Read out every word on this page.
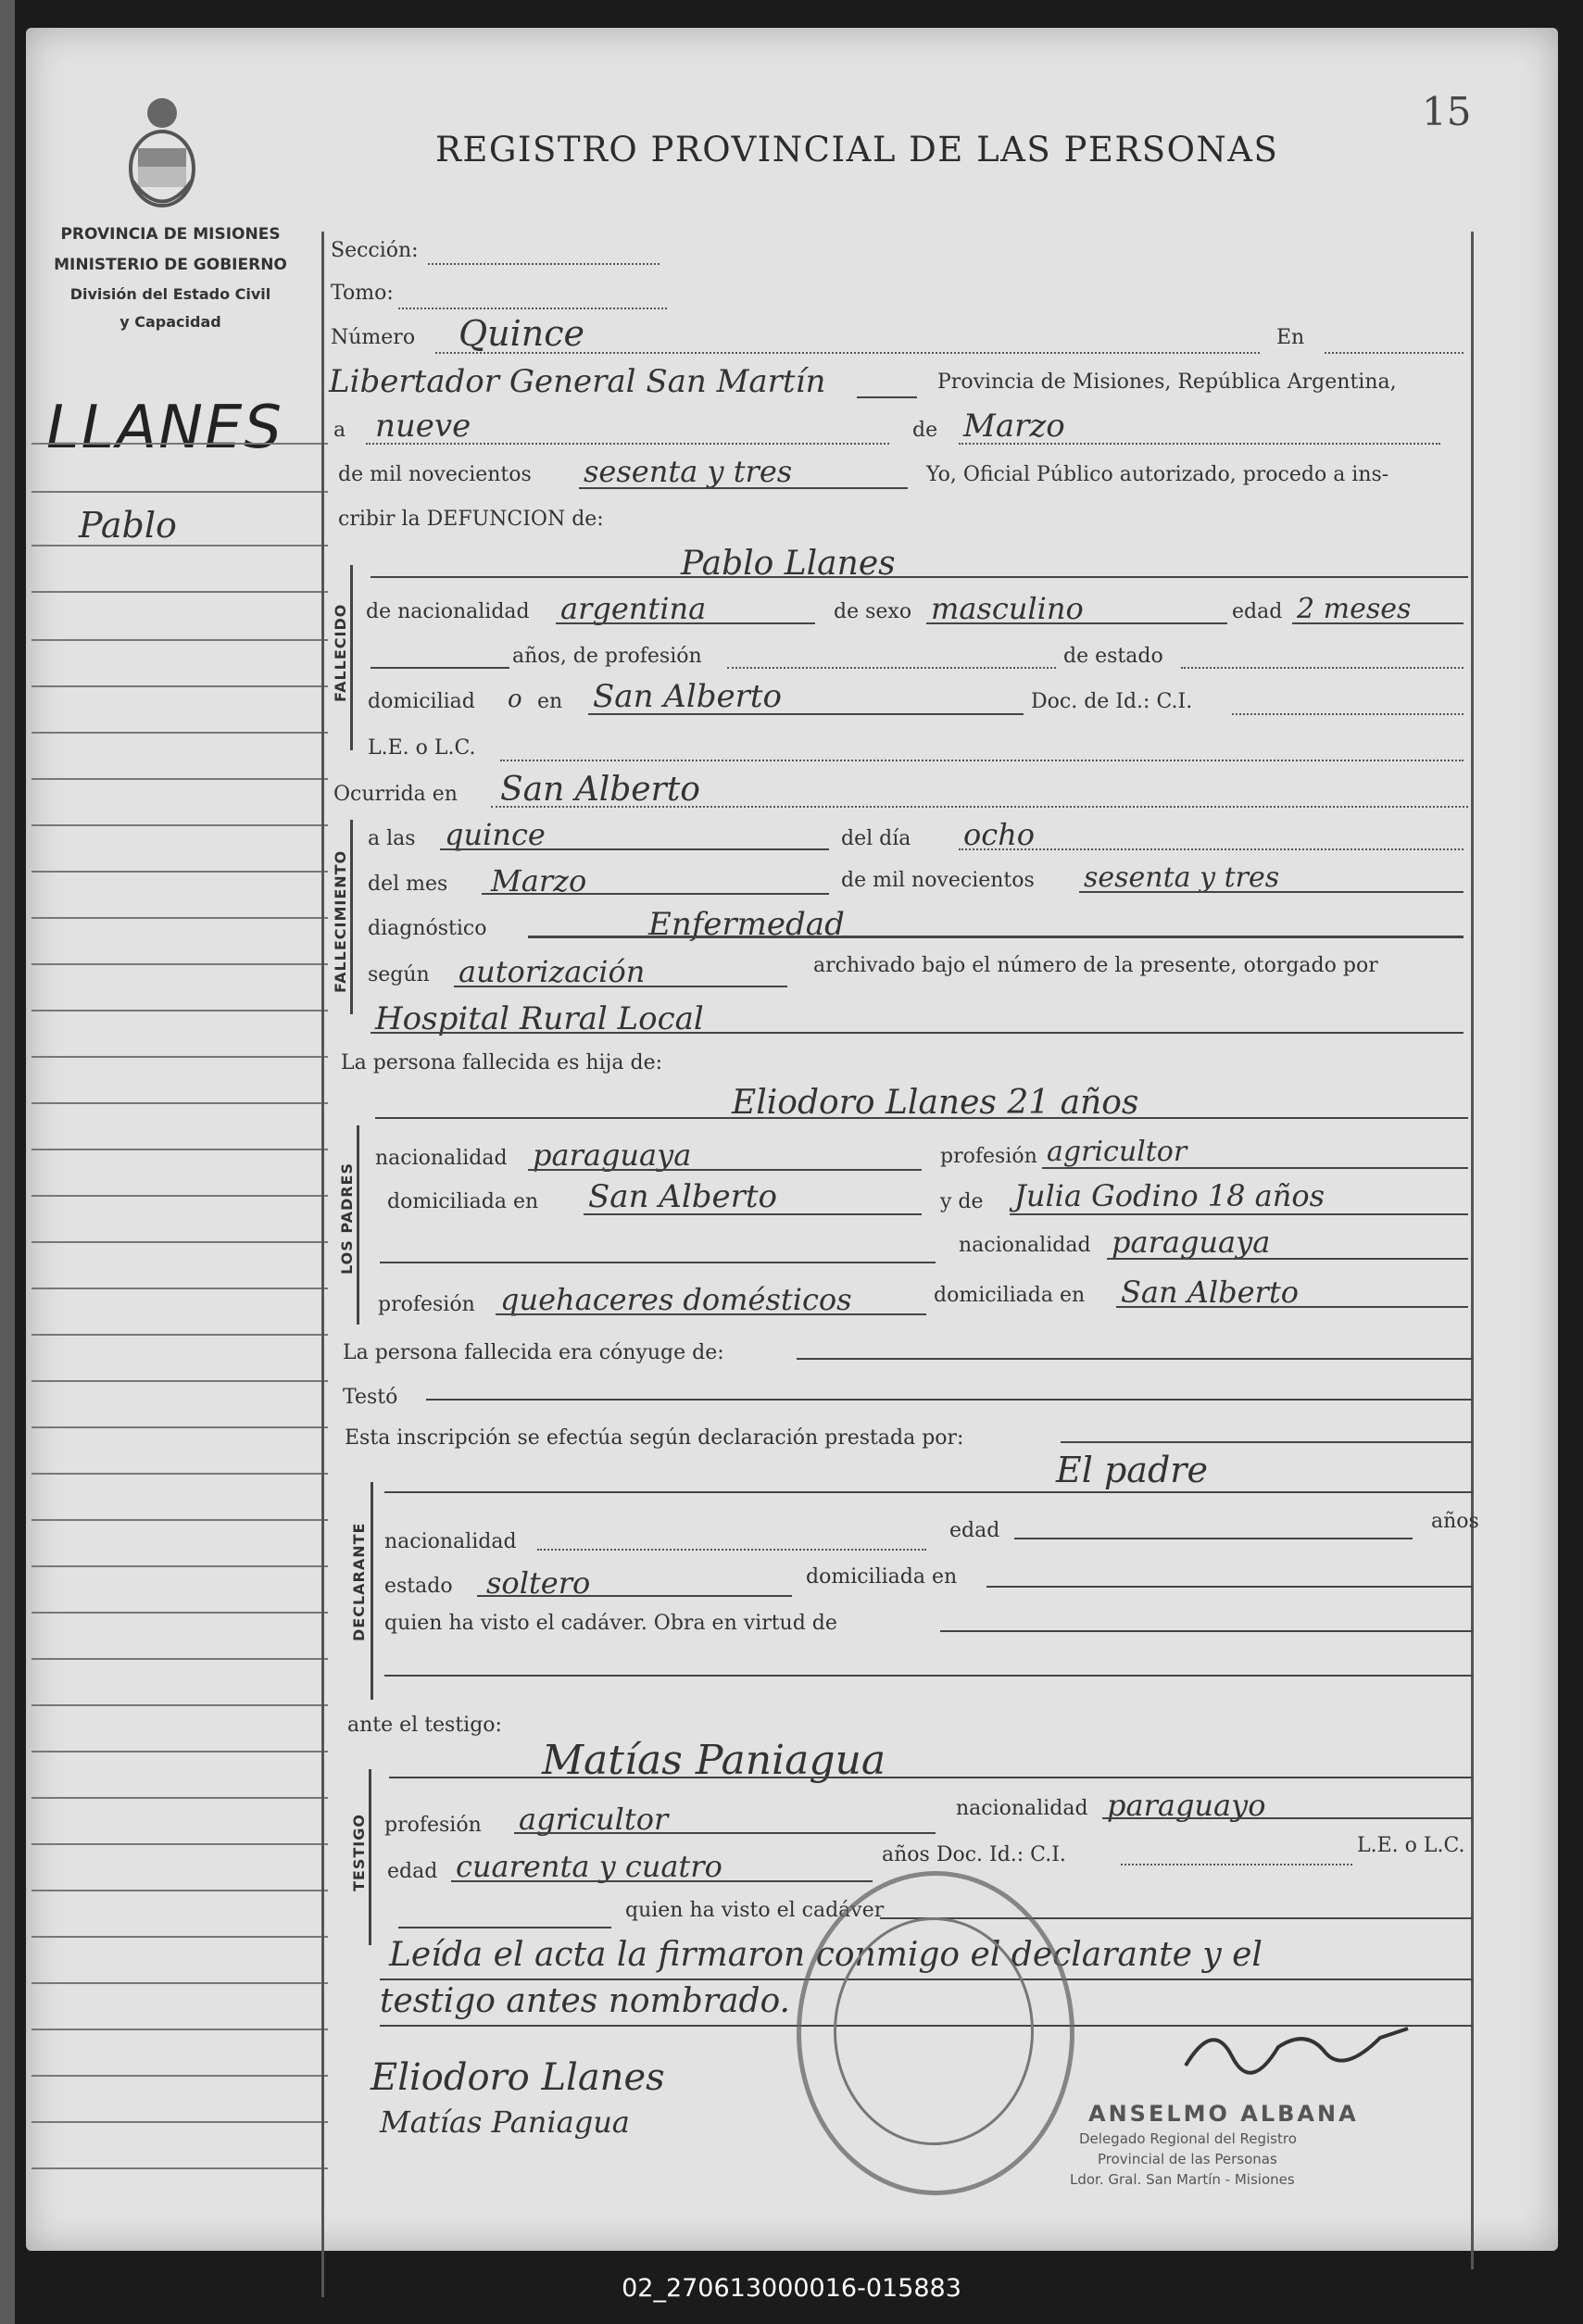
15
REGISTRO PROVINCIAL DE LAS PERSONAS
PROVINCIA DE MISIONES
MINISTERIO DE GOBIERNO
División del Estado Civil
y Capacidad
LLANES
Pablo
Sección:
Tomo:
Número Quince	En
Libertador General San Martín	Provincia de Misiones, República Argentina,
a nueve	de Marzo
de mil novecientos sesenta y tres	Yo, Oficial Público autorizado, procedo a ins-
cribir la DEFUNCION de:
FALLECIDO
Pablo Llanes
de nacionalidad argentina	de sexo masculino	edad 2 meses
años, de profesión	de estado
domiciliad o en San Alberto	Doc. de Id.: C.I.
L.E. o L.C.
Ocurrida en San Alberto
FALLECIMIENTO
a las quince	del día ocho
del mes Marzo	de mil novecientos sesenta y tres
diagnóstico	Enfermedad
según autorización	archivado bajo el número de la presente, otorgado por
Hospital Rural Local
La persona fallecida es hija de:
Eliodoro Llanes 21 años
LOS PADRES
nacionalidad paraguaya	profesión agricultor
domiciliada en San Alberto	y de Julia Godino 18 años
nacionalidad paraguaya
profesión quehaceres domésticos	domiciliada en San Alberto
La persona fallecida era cónyuge de:
Testó
Esta inscripción se efectúa según declaración prestada por:
El padre
DECLARANTE nacionalidad	edad	años
estado soltero	domiciliada en
quien ha visto el cadáver. Obra en virtud de
ante el testigo:
Matías Paniagua
TESTIGO profesión agricultor	nacionalidad paraguayo
edad cuarenta y cuatro	años Doc. Id.: C.I.	L.E. o L.C.
quien ha visto el cadáver
Leída el acta la firmaron conmigo el declarante y el
testigo antes nombrado.
Eliodoro Llanes
Matías Paniagua	ANSELMO ALBANA
Delegado Regional del Registro
Provincial de las Personas
Ldor. Gral. San Martín - Misiones
02_270613000016-015883
